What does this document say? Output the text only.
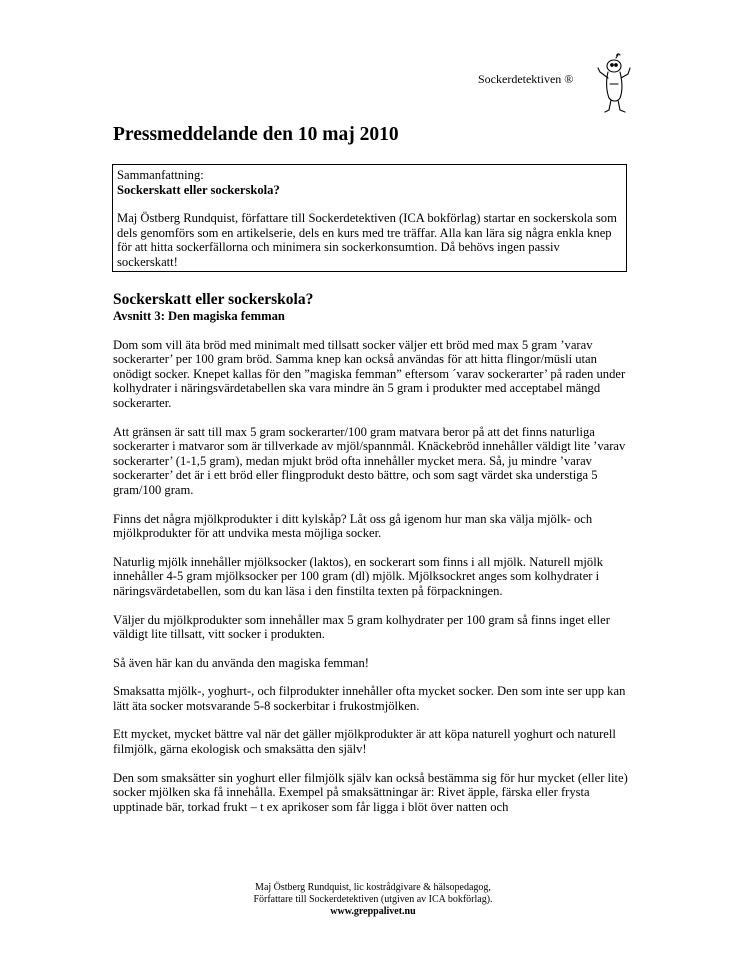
Sockerdetektiven ®
Pressmeddelande den 10 maj 2010
Sammanfattning:
Sockerskatt eller sockerskola?
Maj Östberg Rundquist, författare till Sockerdetektiven (ICA bokförlag) startar en sockerskola som dels genomförs som en artikelserie, dels en kurs med tre träffar. Alla kan lära sig några enkla knep för att hitta sockerfällorna och minimera sin sockerkonsumtion. Då behövs ingen passiv sockerskatt!
Sockerskatt eller sockerskola?
Avsnitt 3: Den magiska femman

Dom som vill äta bröd med minimalt med tillsatt socker väljer ett bröd med max 5 gram ’varav sockerarter’ per 100 gram bröd. Samma knep kan också användas för att hitta flingor/müsli utan onödigt socker. Knepet kallas för den ”magiska femman” eftersom ´varav sockerarter’ på raden under kolhydrater i näringsvärdetabellen ska vara mindre än 5 gram i produkter med acceptabel mängd sockerarter.

Att gränsen är satt till max 5 gram sockerarter/100 gram matvara beror på att det finns naturliga sockerarter i matvaror som är tillverkade av mjöl/spannmål. Knäckebröd innehåller väldigt lite ’varav sockerarter’ (1-1,5 gram), medan mjukt bröd ofta innehåller mycket mera. Så, ju mindre ’varav sockerarter’ det är i ett bröd eller flingprodukt desto bättre, och som sagt värdet ska understiga 5 gram/100 gram.

Finns det några mjölkprodukter i ditt kylskåp? Låt oss gå igenom hur man ska välja mjölk- och mjölkprodukter för att undvika mesta möjliga socker.

Naturlig mjölk innehåller mjölksocker (laktos), en sockerart som finns i all mjölk. Naturell mjölk innehåller 4-5 gram mjölksocker per 100 gram (dl) mjölk. Mjölksockret anges som kolhydrater i näringsvärdetabellen, som du kan läsa i den finstilta texten på förpackningen.

Väljer du mjölkprodukter som innehåller max 5 gram kolhydrater per 100 gram så finns inget eller väldigt lite tillsatt, vitt socker i produkten.

Så även här kan du använda den magiska femman!

Smaksatta mjölk-, yoghurt-, och filprodukter innehåller ofta mycket socker. Den som inte ser upp kan lätt äta socker motsvarande 5-8 sockerbitar i frukostmjölken.

Ett mycket, mycket bättre val när det gäller mjölkprodukter är att köpa naturell yoghurt och naturell filmjölk, gärna ekologisk och smaksätta den själv!

Den som smaksätter sin yoghurt eller filmjölk själv kan också bestämma sig för hur mycket (eller lite) socker mjölken ska få innehålla. Exempel på smaksättningar är: Rivet äpple, färska eller frysta upptinade bär, torkad frukt – t ex aprikoser som får ligga i blöt över natten och

Maj Östberg Rundquist, lic kostrådgivare & hälsopedagog,
Författare till Sockerdetektiven (utgiven av ICA bokförlag).
www.greppalivet.nu
